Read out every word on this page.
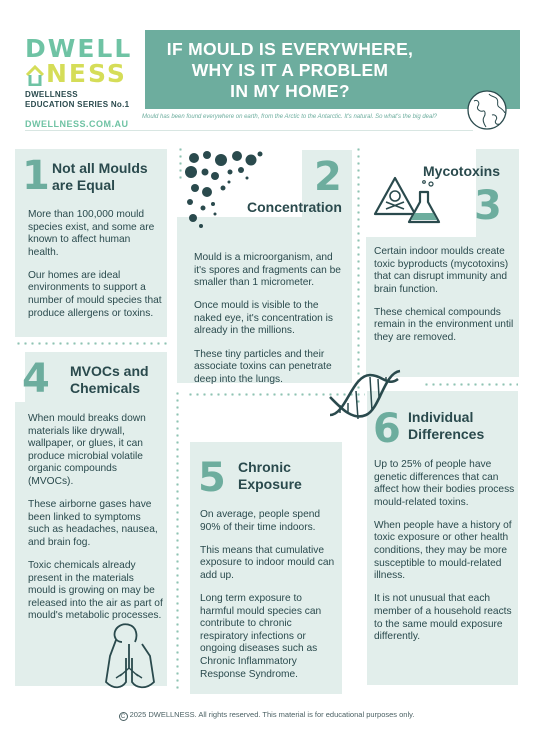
DWELL
NESS
DWELLNESS
EDUCATION SERIES No.1
DWELLNESS.COM.AU
IF MOULD IS EVERYWHERE,
WHY IS IT A PROBLEM
IN MY HOME?
Mould has been found everywhere on earth, from the Arctic to the Antarctic. It's natural. So what's the big deal?
1 Not all Moulds
are Equal

More than 100,000 mould species exist, and some are known to affect human health.

Our homes are ideal environments to support a number of mould species that produce allergens or toxins.

2
Concentration

Mould is a microorganism, and it's spores and fragments can be smaller than 1 micrometer.

Once mould is visible to the naked eye, it's concentration is already in the millions.

These tiny particles and their associate toxins can penetrate deep into the lungs.

Mycotoxins
3

Certain indoor moulds create toxic byproducts (mycotoxins) that can disrupt immunity and brain function.

These chemical compounds remain in the environment until they are removed.

4 MVOCs and
Chemicals

When mould breaks down materials like drywall, wallpaper, or glues, it can produce microbial volatile organic compounds (MVOCs).

These airborne gases have been linked to symptoms such as headaches, nausea, and brain fog.

Toxic chemicals already present in the materials mould is growing on may be released into the air as part of mould's metabolic processes.

5 Chronic
Exposure

On average, people spend 90% of their time indoors.

This means that cumulative exposure to indoor mould can add up.

Long term exposure to harmful mould species can contribute to chronic respiratory infections or ongoing diseases such as Chronic Inflammatory Response Syndrome.

6 Individual
Differences

Up to 25% of people have genetic differences that can affect how their bodies process mould-related toxins.

When people have a history of toxic exposure or other health conditions, they may be more susceptible to mould-related illness.

It is not unusual that each member of a household reacts to the same mould exposure differently.

C 2025 DWELLNESS. All rights reserved. This material is for educational purposes only.
